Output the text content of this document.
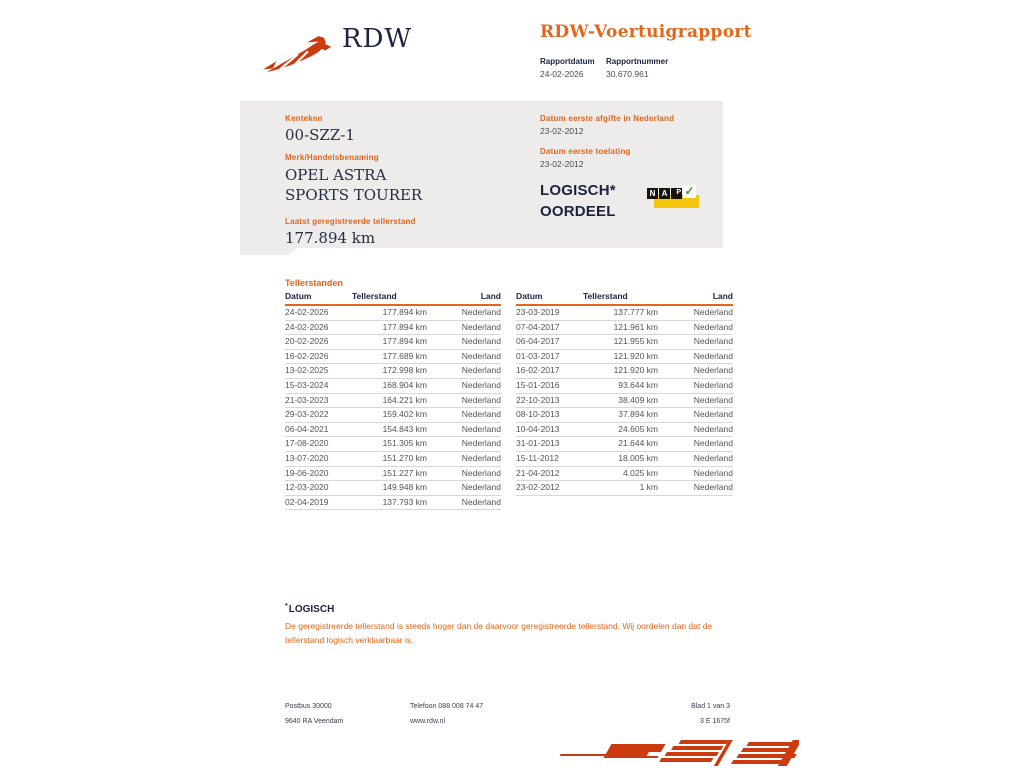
RDW	RDW-Voertuigrapport
Rapportdatum
24-02-2026
Rapportnummer
30.670.961
Kenteken
00-SZZ-1
Merk/Handelsbenaming
OPEL ASTRA
SPORTS TOURER
Laatst geregistreerde tellerstand
177.894 km
Datum eerste afgifte in Nederland
23-02-2012
Datum eerste toelating
23-02-2012
LOGISCH*
OORDEEL
N A	P ✓
Tellerstanden
Datum	Tellerstand	Land
24-02-2026	177.894 km	Nederland
24-02-2026	177.894 km	Nederland
20-02-2026	177.894 km	Nederland
16-02-2026	177.689 km	Nederland
13-02-2025	172.998 km	Nederland
15-03-2024	168.904 km	Nederland
21-03-2023	164.221 km	Nederland
29-03-2022	159.402 km	Nederland
06-04-2021	154.843 km	Nederland
17-08-2020	151.305 km	Nederland
13-07-2020	151.270 km	Nederland
19-06-2020	151.227 km	Nederland
12-03-2020	149.948 km	Nederland
02-04-2019	137.793 km	Nederland
Datum	Tellerstand	Land
23-03-2019	137.777 km	Nederland
07-04-2017	121.961 km	Nederland
06-04-2017	121.955 km	Nederland
01-03-2017	121.920 km	Nederland
16-02-2017	121.920 km	Nederland
15-01-2016	93.644 km	Nederland
22-10-2013	38.409 km	Nederland
08-10-2013	37.894 km	Nederland
10-04-2013	24.605 km	Nederland
31-01-2013	21.644 km	Nederland
15-11-2012	18.005 km	Nederland
21-04-2012	4.025 km	Nederland
23-02-2012	1 km	Nederland
*LOGISCH
De geregistreerde tellerstand is steeds hoger dan de daarvoor geregistreerde tellerstand. Wij oordelen dan dat de tellerstand logisch verklaarbaar is.
Postbus 30000
9640 RA Veendam
Telefoon 088 008 74 47
www.rdw.nl
Blad 1 van 3
3 E 1675f
